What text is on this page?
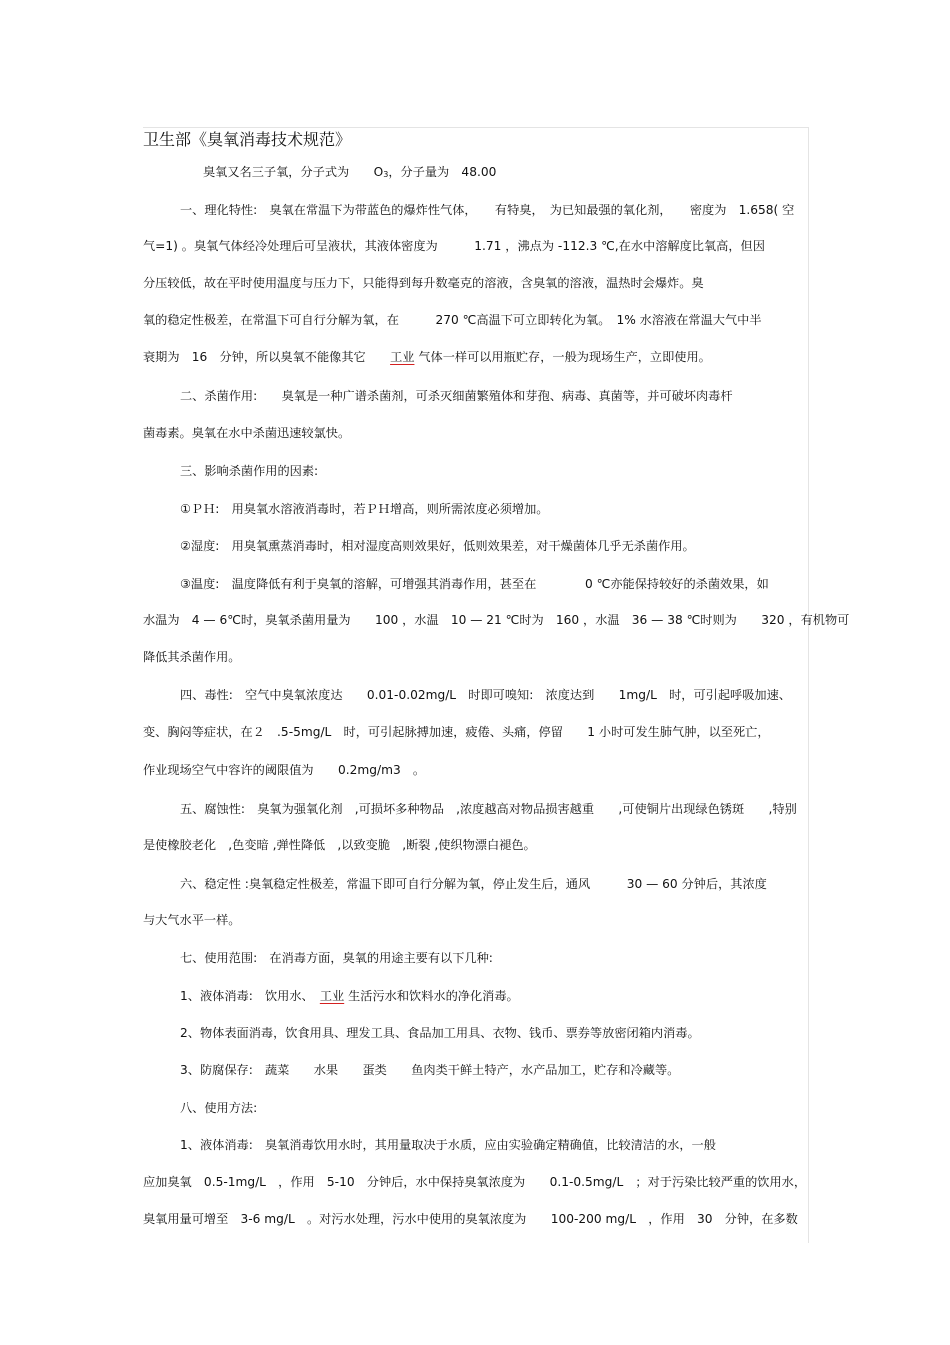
卫生部《臭氧消毒技术规范》
臭氧又名三子氧，分子式为　　O3，分子量为　48.00
一、理化特性:　臭氧在常温下为带蓝色的爆炸性气体，　　有特臭，　为已知最强的氧化剂，　　密度为　1.658( 空
气=1) 。臭氧气体经冷处理后可呈液状，其液体密度为　　　1.71 ，沸点为 -112.3 ℃,在水中溶解度比氧高，但因
分压较低，故在平时使用温度与压力下，只能得到每升数毫克的溶液，含臭氧的溶液，温热时会爆炸。臭
氧的稳定性极差，在常温下可自行分解为氧，在　　　270 ℃高温下可立即转化为氧。　1% 水溶液在常温大气中半
衰期为　16　分钟，所以臭氧不能像其它　　工业 气体一样可以用瓶贮存，一般为现场生产，立即使用。
二、杀菌作用:　　臭氧是一种广谱杀菌剂，可杀灭细菌繁殖体和芽孢、病毒、真菌等，并可破坏肉毒杆
菌毒素。臭氧在水中杀菌迅速较氯快。
三、影响杀菌作用的因素:
①ＰＨ:　用臭氧水溶液消毒时，若ＰＨ增高，则所需浓度必须增加。
②湿度:　用臭氧熏蒸消毒时，相对湿度高则效果好，低则效果差，对干燥菌体几乎无杀菌作用。
③温度:　温度降低有利于臭氧的溶解，可增强其消毒作用，甚至在　　　　0 ℃亦能保持较好的杀菌效果，如
水温为　4 — 6℃时，臭氧杀菌用量为　　100 ，水温　10 — 21 ℃时为　160 ，水温　36 — 38 ℃时则为　　320 ，有机物可
降低其杀菌作用。
四、毒性:　空气中臭氧浓度达　　0.01-0.02mg/L　时即可嗅知:　浓度达到　　1mg/L　时，可引起呼吸加速、
变、胸闷等症状，在２　.5-5mg/L　时，可引起脉搏加速，疲倦、头痛，停留　　1 小时可发生肺气肿，以至死亡，
作业现场空气中容许的阈限值为　　0.2mg/m3　。
五、腐蚀性:　臭氧为强氧化剂　,可损坏多种物品　,浓度越高对物品损害越重　　,可使铜片出现绿色锈斑　　,特别
是使橡胶老化　,色变暗 ,弹性降低　,以致变脆　,断裂 ,使织物漂白褪色。
六、稳定性 :臭氧稳定性极差，常温下即可自行分解为氧，停止发生后，通风　　　30 — 60 分钟后，其浓度
与大气水平一样。
七、使用范围:　在消毒方面，臭氧的用途主要有以下几种:
1、液体消毒:　饮用水、　工业 生活污水和饮料水的净化消毒。
2、物体表面消毒，饮食用具、理发工具、食品加工用具、衣物、钱币、票券等放密闭箱内消毒。
3、防腐保存:　蔬菜　　水果　　蛋类　　鱼肉类干鲜土特产，水产品加工，贮存和冷藏等。
八、使用方法:
1、液体消毒:　臭氧消毒饮用水时，其用量取决于水质，应由实验确定精确值，比较清洁的水，一般
应加臭氧　0.5-1mg/L　，作用　5-10　分钟后，水中保持臭氧浓度为　　0.1-0.5mg/L　；对于污染比较严重的饮用水，
臭氧用量可增至　3-6 mg/L　。对污水处理，污水中使用的臭氧浓度为　　100-200 mg/L　，作用　30　分钟，在多数
